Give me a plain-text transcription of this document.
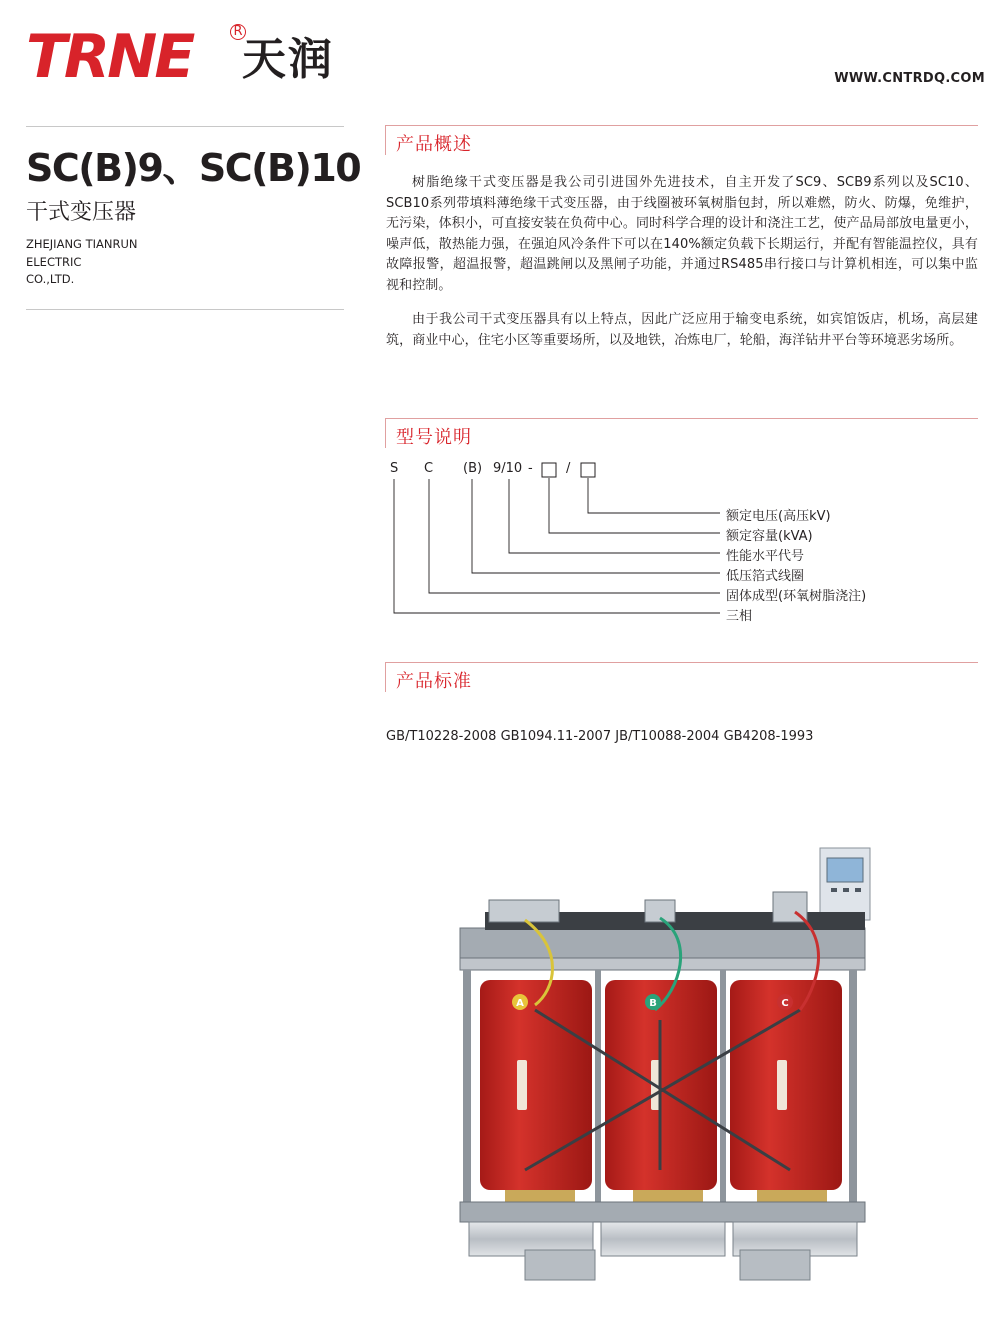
TRNE	R
天润	WWW.CNTRDQ.COM
SC(B)9、SC(B)10
干式变压器
ZHEJIANG TIANRUN
ELECTRIC
CO.,LTD.
产品概述

树脂绝缘干式变压器是我公司引进国外先进技术，自主开发了SC9、SCB9系列以及SC10、SCB10系列带填料薄绝缘干式变压器，由于线圈被环氧树脂包封，所以难燃，防火、防爆，免维护，无污染，体积小，可直接安装在负荷中心。同时科学合理的设计和浇注工艺，使产品局部放电量更小，噪声低，散热能力强，在强迫风冷条件下可以在140%额定负载下长期运行，并配有智能温控仪，具有故障报警，超温报警，超温跳闸以及黑闸子功能，并通过RS485串行接口与计算机相连，可以集中监视和控制。

由于我公司干式变压器具有以上特点，因此广泛应用于输变电系统，如宾馆饭店，机场，高层建筑，商业中心，住宅小区等重要场所，以及地铁，冶炼电厂，轮船，海洋钻井平台等环境恶劣场所。

型号说明
S C (B) 9/10 -	/
额定电压(高压kV)
额定容量(kVA)
性能水平代号
低压箔式线圈
固体成型(环氧树脂浇注)
三相
产品标准
GB/T10228-2008 GB1094.11-2007 JB/T10088-2004 GB4208-1993
A	B	C
